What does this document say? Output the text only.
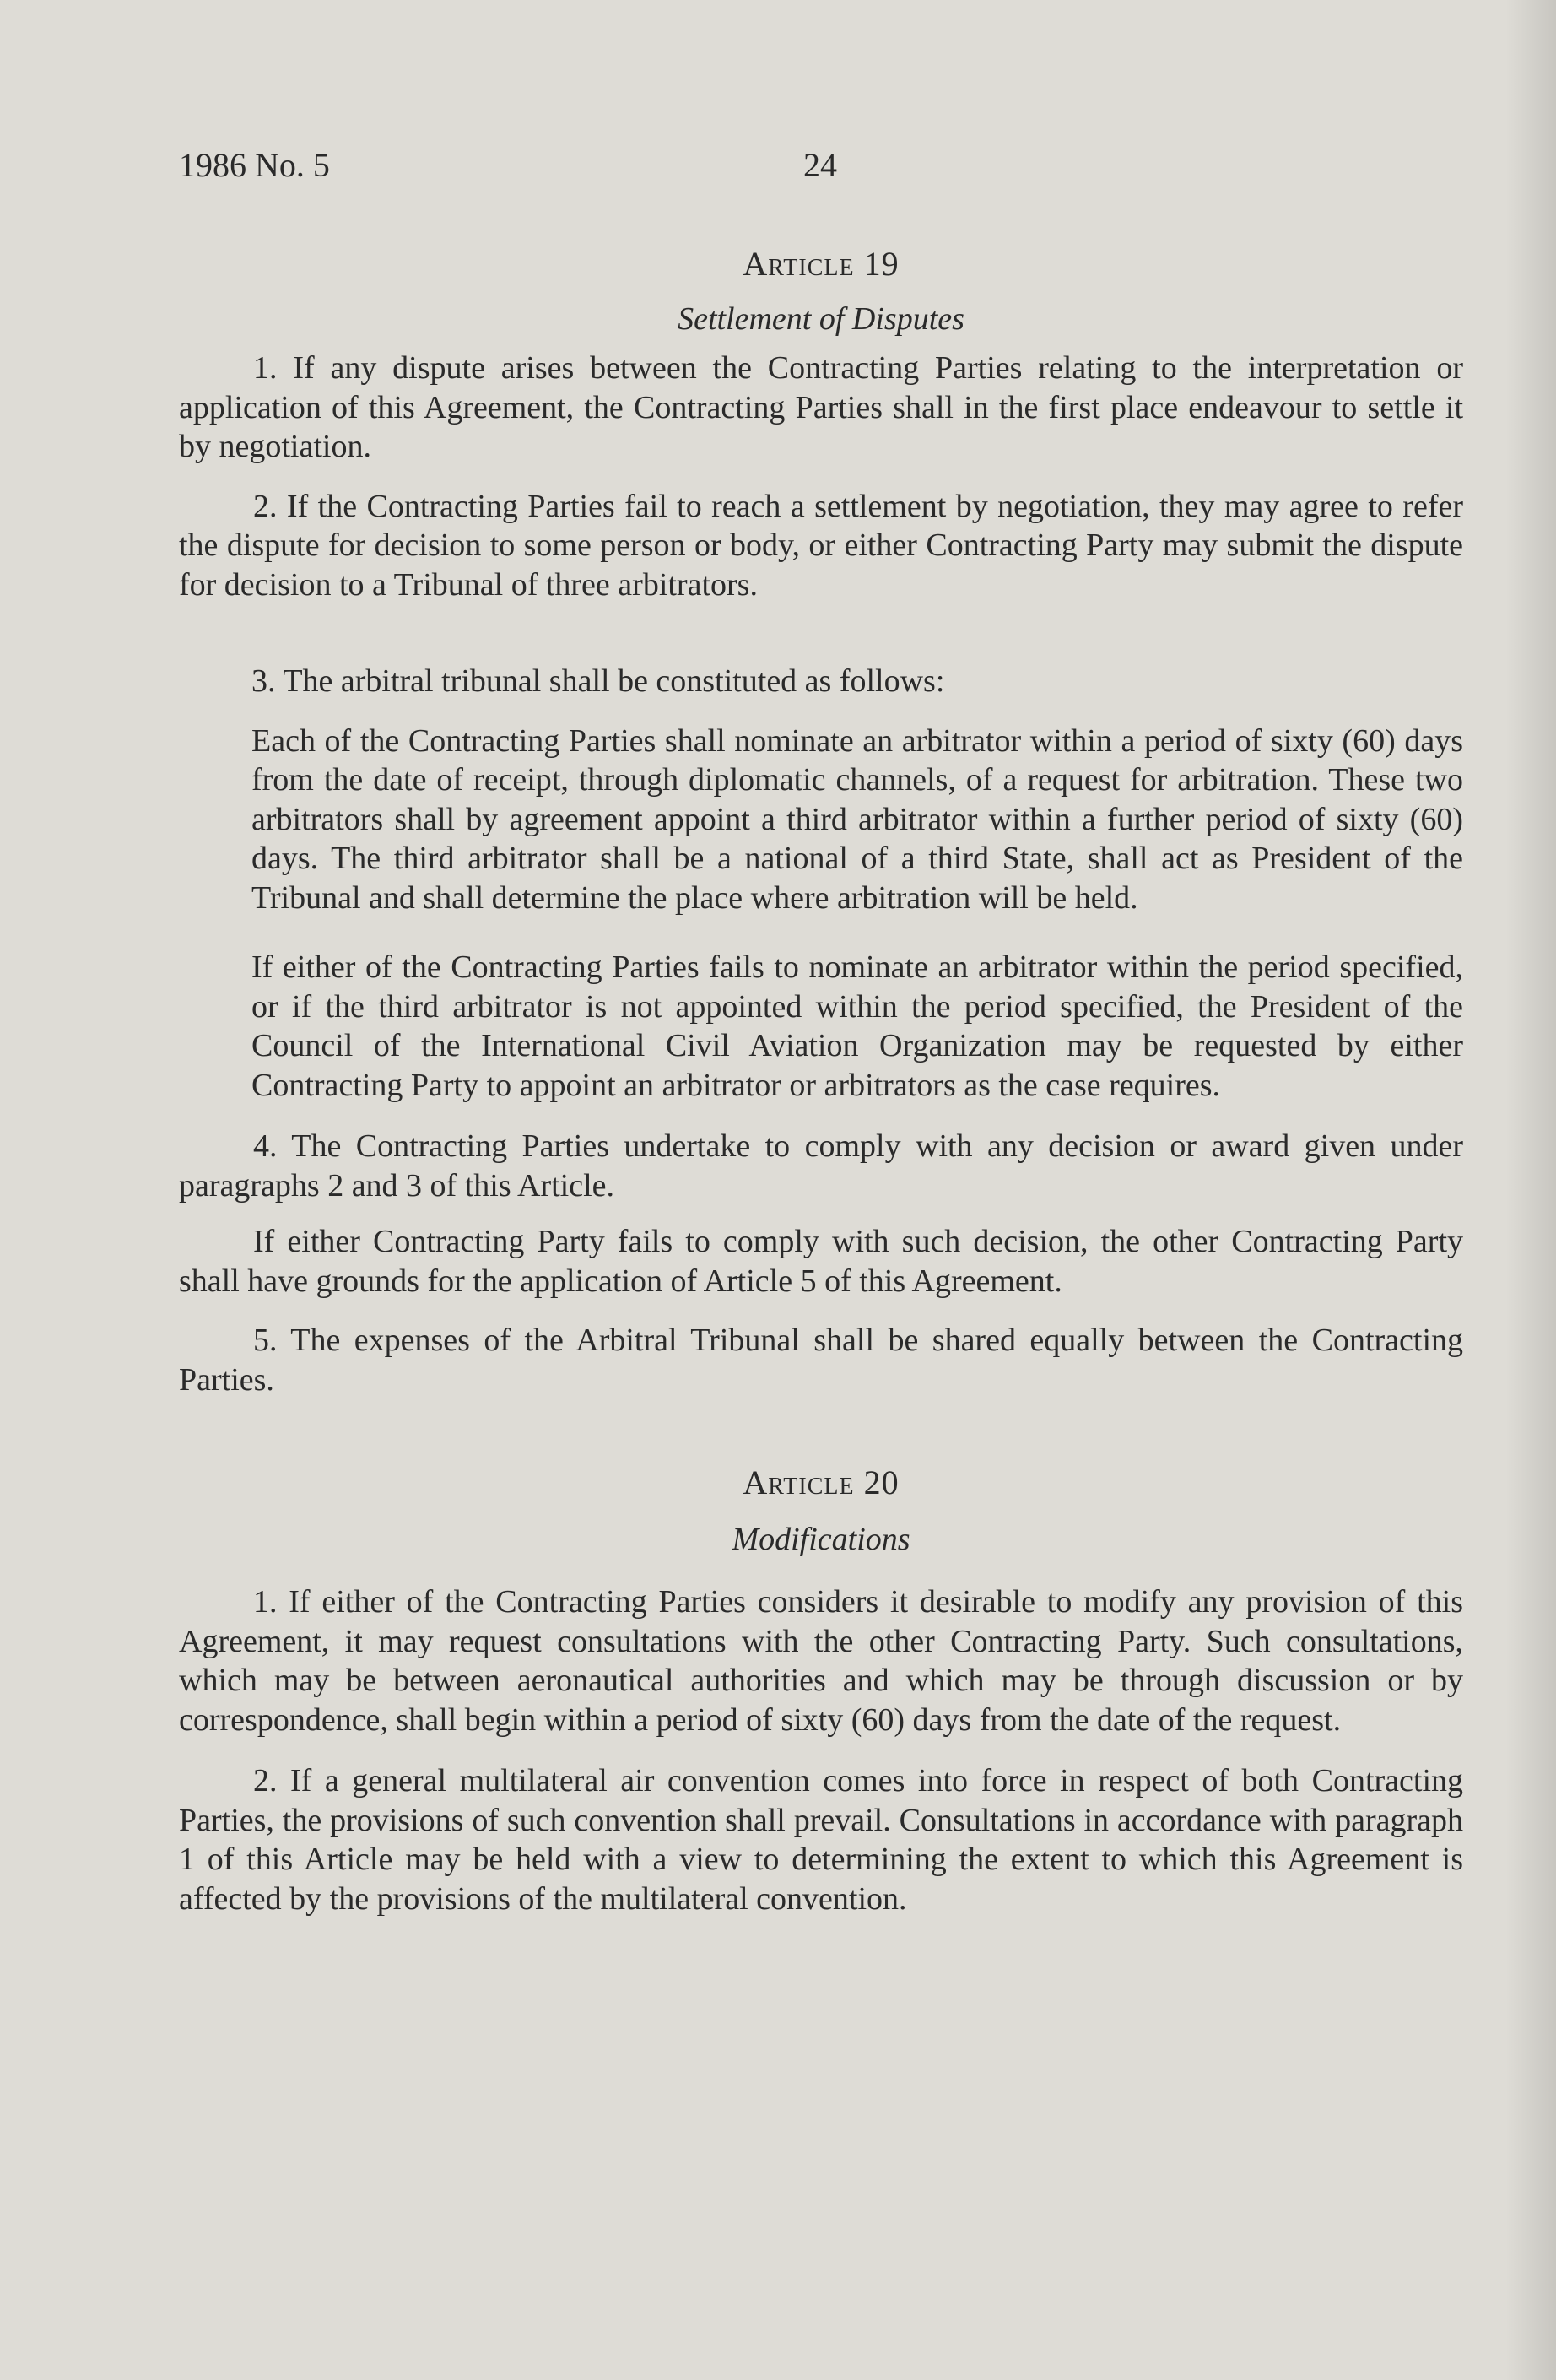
1986 No. 5	24

Article 19

Settlement of Disputes

1. If any dispute arises between the Contracting Parties relating to the interpretation or application of this Agreement, the Contracting Parties shall in the first place endeavour to settle it by negotiation.

2. If the Contracting Parties fail to reach a settlement by negotiation, they may agree to refer the dispute for decision to some person or body, or either Contracting Party may submit the dispute for decision to a Tribunal of three arbitrators.

3. The arbitral tribunal shall be constituted as follows:

Each of the Contracting Parties shall nominate an arbitrator within a period of sixty (60) days from the date of receipt, through diplomatic channels, of a request for arbitration. These two arbitrators shall by agreement appoint a third arbitrator within a further period of sixty (60) days. The third arbitrator shall be a national of a third State, shall act as President of the Tribunal and shall determine the place where arbitration will be held.

If either of the Contracting Parties fails to nominate an arbitrator within the period specified, or if the third arbitrator is not appointed within the period specified, the President of the Council of the International Civil Aviation Organization may be requested by either Contracting Party to appoint an arbitrator or arbitrators as the case requires.

4. The Contracting Parties undertake to comply with any decision or award given under paragraphs 2 and 3 of this Article.

If either Contracting Party fails to comply with such decision, the other Contracting Party shall have grounds for the application of Article 5 of this Agreement.

5. The expenses of the Arbitral Tribunal shall be shared equally between the Contracting Parties.

Article 20

Modifications

1. If either of the Contracting Parties considers it desirable to modify any provision of this Agreement, it may request consultations with the other Contracting Party. Such consultations, which may be between aeronautical authorities and which may be through discussion or by correspondence, shall begin within a period of sixty (60) days from the date of the request.

2. If a general multilateral air convention comes into force in respect of both Contracting Parties, the provisions of such convention shall prevail. Consultations in accordance with paragraph 1 of this Article may be held with a view to determining the extent to which this Agreement is affected by the provisions of the multilateral convention.
